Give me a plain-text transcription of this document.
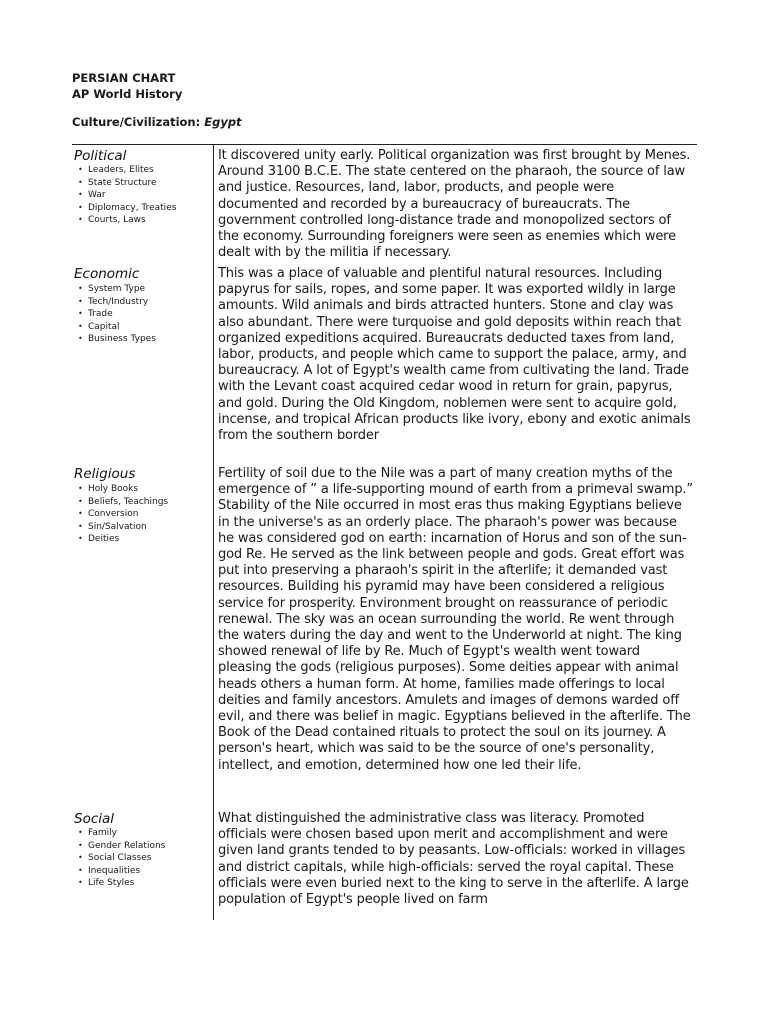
PERSIAN CHART

AP World History

Culture/Civilization: Egypt
Political
• Leaders, Elites
• State Structure
• War
• Diplomacy, Treaties
• Courts, Laws

It discovered unity early. Political organization was first brought by Menes. Around 3100 B.C.E. The state centered on the pharaoh, the source of law and justice. Resources, land, labor, products, and people were documented and recorded by a bureaucracy of bureaucrats. The government controlled long-distance trade and monopolized sectors of the economy. Surrounding foreigners were seen as enemies which were dealt with by the militia if necessary.

Economic
• System Type
• Tech/Industry
• Trade
• Capital
• Business Types

This was a place of valuable and plentiful natural resources. Including papyrus for sails, ropes, and some paper. It was exported wildly in large amounts. Wild animals and birds attracted hunters. Stone and clay was also abundant. There were turquoise and gold deposits within reach that organized expeditions acquired. Bureaucrats deducted taxes from land, labor, products, and people which came to support the palace, army, and bureaucracy. A lot of Egypt's wealth came from cultivating the land. Trade with the Levant coast acquired cedar wood in return for grain, papyrus, and gold. During the Old Kingdom, noblemen were sent to acquire gold, incense, and tropical African products like ivory, ebony and exotic animals from the southern border

Religious
• Holy Books
• Beliefs, Teachings
• Conversion
• Sin/Salvation
• Deities

Fertility of soil due to the Nile was a part of many creation myths of the emergence of ” a life-supporting mound of earth from a primeval swamp.” Stability of the Nile occurred in most eras thus making Egyptians believe in the universe's as an orderly place. The pharaoh's power was because he was considered god on earth: incarnation of Horus and son of the sun-god Re. He served as the link between people and gods. Great effort was put into preserving a pharaoh's spirit in the afterlife; it demanded vast resources. Building his pyramid may have been considered a religious service for prosperity. Environment brought on reassurance of periodic renewal. The sky was an ocean surrounding the world. Re went through the waters during the day and went to the Underworld at night. The king showed renewal of life by Re. Much of Egypt's wealth went toward pleasing the gods (religious purposes). Some deities appear with animal heads others a human form. At home, families made offerings to local deities and family ancestors. Amulets and images of demons warded off evil, and there was belief in magic. Egyptians believed in the afterlife. The Book of the Dead contained rituals to protect the soul on its journey. A person's heart, which was said to be the source of one's personality, intellect, and emotion, determined how one led their life.

Social
• Family
• Gender Relations
• Social Classes
• Inequalities
• Life Styles

What distinguished the administrative class was literacy. Promoted officials were chosen based upon merit and accomplishment and were given land grants tended to by peasants. Low-officials: worked in villages and district capitals, while high-officials: served the royal capital. These officials were even buried next to the king to serve in the afterlife. A large population of Egypt's people lived on farm
